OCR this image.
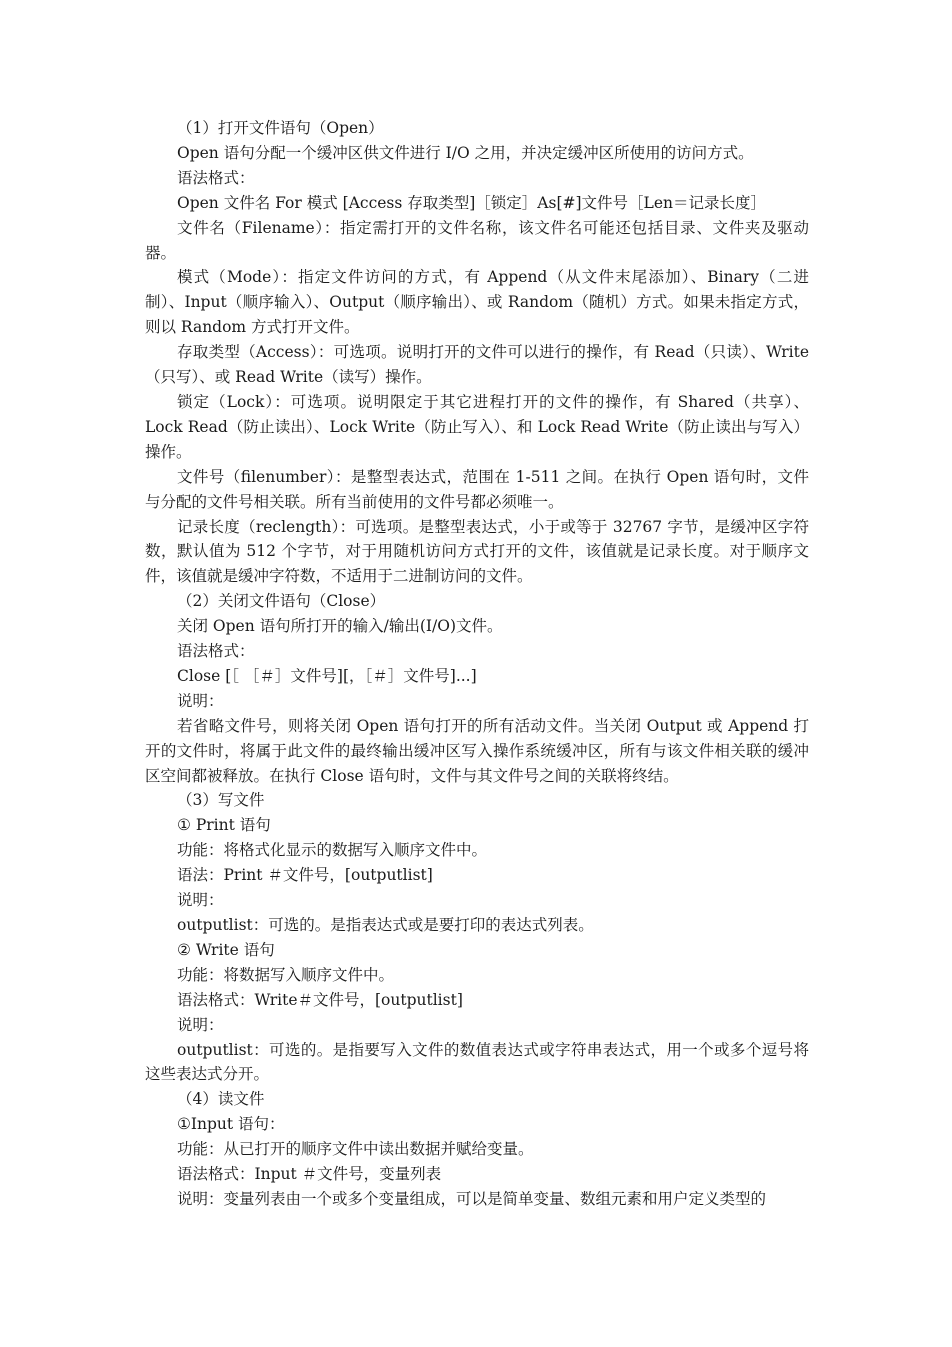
（1）打开文件语句（Open）

Open 语句分配一个缓冲区供文件进行 I/O 之用，并决定缓冲区所使用的访问方式。

语法格式：

Open 文件名 For 模式 [Access 存取类型]［锁定］As[#]文件号［Len＝记录长度］

文件名（Filename）：指定需打开的文件名称，该文件名可能还包括目录、文件夹及驱动器。

模式（Mode）：指定文件访问的方式，有 Append（从文件末尾添加）、Binary（二进制）、Input（顺序输入）、Output（顺序输出）、或 Random（随机）方式。如果未指定方式，则以 Random 方式打开文件。

存取类型（Access）：可选项。说明打开的文件可以进行的操作，有 Read（只读）、Write（只写）、或 Read Write（读写）操作。

锁定（Lock）：可选项。说明限定于其它进程打开的文件的操作，有 Shared（共享）、Lock Read（防止读出）、Lock Write（防止写入）、和 Lock Read Write（防止读出与写入）操作。

文件号（filenumber）：是整型表达式，范围在 1-511 之间。在执行 Open 语句时，文件与分配的文件号相关联。所有当前使用的文件号都必须唯一。

记录长度（reclength）：可选项。是整型表达式，小于或等于 32767 字节，是缓冲区字符数，默认值为 512 个字节，对于用随机访问方式打开的文件，该值就是记录长度。对于顺序文件，该值就是缓冲字符数，不适用于二进制访问的文件。

（2）关闭文件语句（Close）

关闭 Open 语句所打开的输入/输出(I/O)文件。

语法格式：

Close [［ ［＃］文件号][，［＃］文件号]...]

说明：

若省略文件号，则将关闭 Open 语句打开的所有活动文件。当关闭 Output 或 Append 打开的文件时，将属于此文件的最终输出缓冲区写入操作系统缓冲区，所有与该文件相关联的缓冲区空间都被释放。在执行 Close 语句时，文件与其文件号之间的关联将终结。

（3）写文件

① Print 语句

功能：将格式化显示的数据写入顺序文件中。

语法：Print ＃文件号，[outputlist]

说明：

outputlist：可选的。是指表达式或是要打印的表达式列表。

② Write 语句

功能：将数据写入顺序文件中。

语法格式：Write＃文件号，[outputlist]

说明：

outputlist：可选的。是指要写入文件的数值表达式或字符串表达式，用一个或多个逗号将这些表达式分开。

（4）读文件

①Input 语句：

功能：从已打开的顺序文件中读出数据并赋给变量。

语法格式：Input ＃文件号，变量列表

说明：变量列表由一个或多个变量组成，可以是简单变量、数组元素和用户定义类型的
